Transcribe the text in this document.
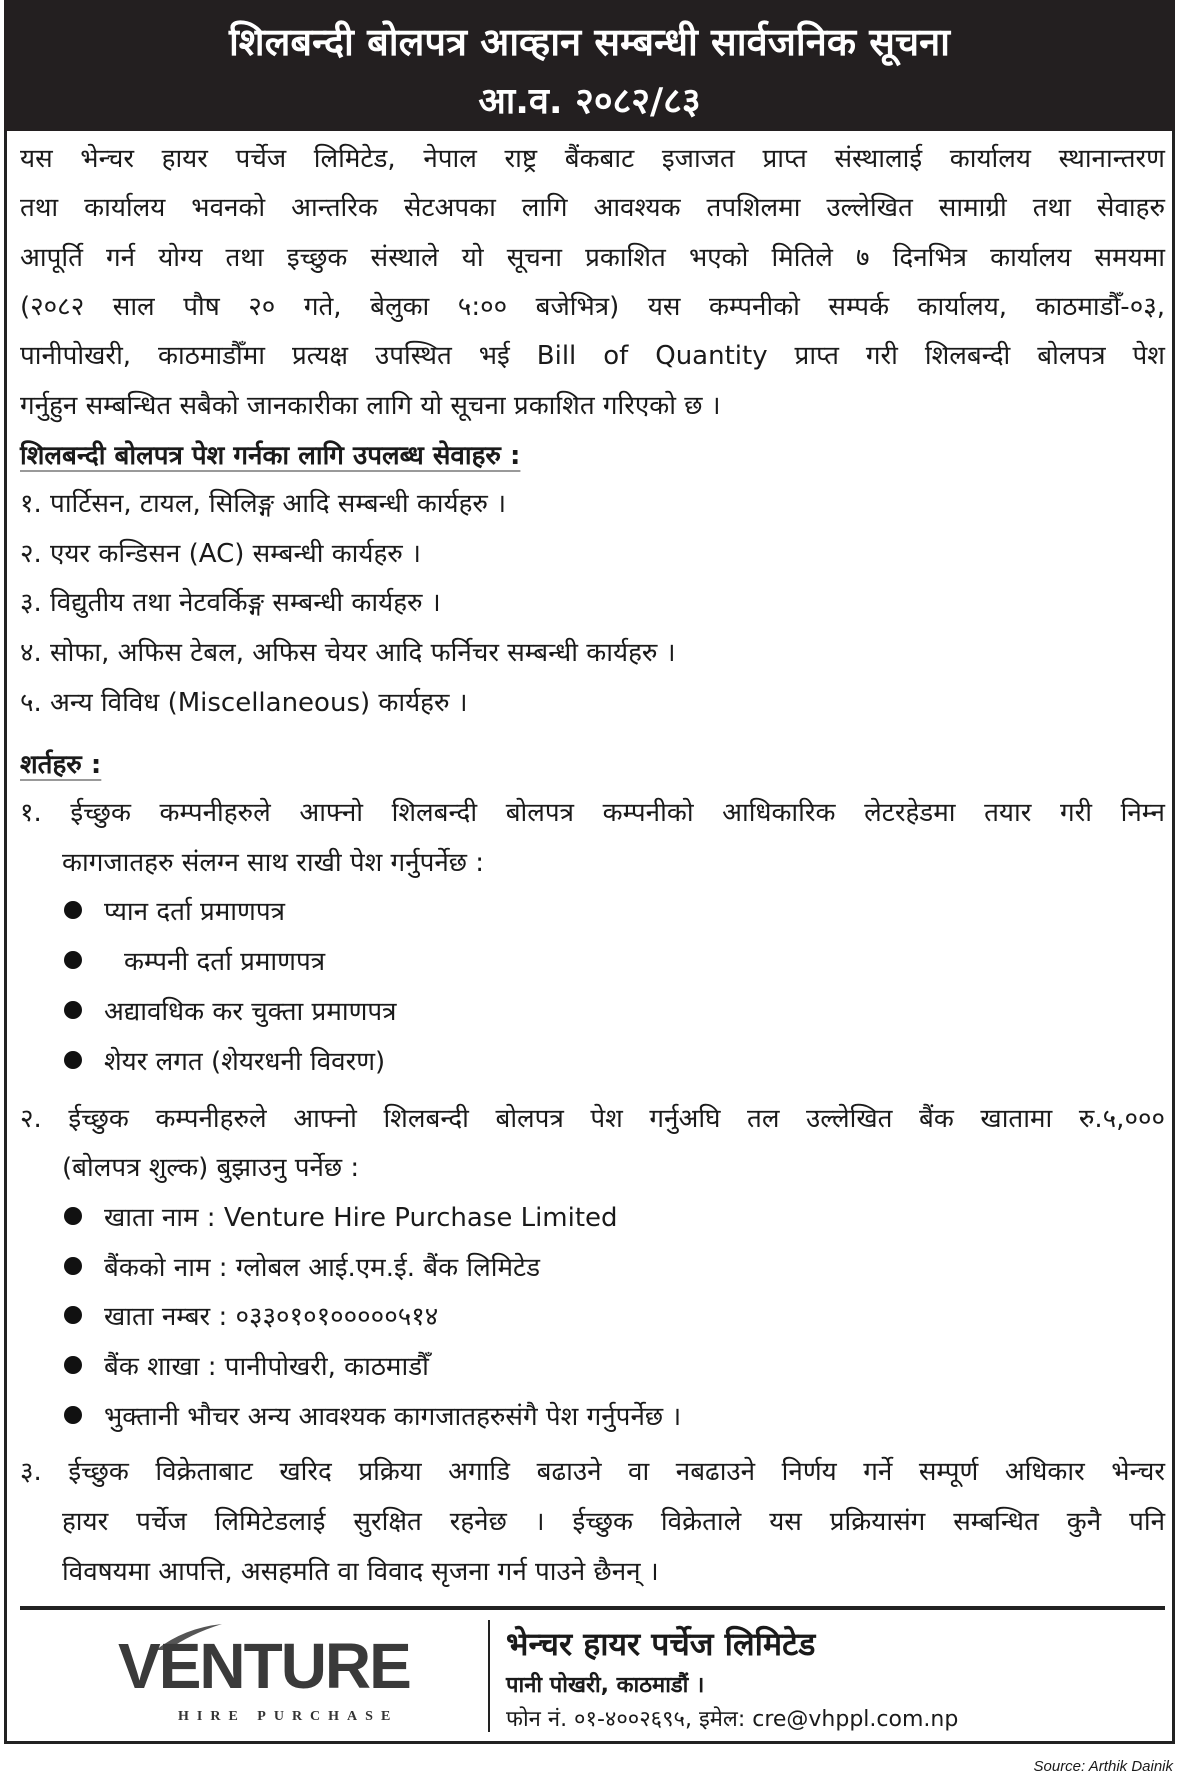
शिलबन्दी बोलपत्र आव्हान सम्बन्धी सार्वजनिक सूचना
आ.व. २०८२/८३
यस भेन्चर हायर पर्चेज लिमिटेड, नेपाल राष्ट्र बैंकबाट इजाजत प्राप्त संस्थालाई कार्यालय स्थानान्तरण
तथा कार्यालय भवनको आन्तरिक सेटअपका लागि आवश्यक तपशिलमा उल्लेखित सामाग्री तथा सेवाहरु
आपूर्ति गर्न योग्य तथा इच्छुक संस्थाले यो सूचना प्रकाशित भएको मितिले ७ दिनभित्र कार्यालय समयमा
(२०८२ साल पौष २० गते, बेलुका ५:०० बजेभित्र) यस कम्पनीको सम्पर्क कार्यालय, काठमाडौँ-०३,
पानीपोखरी, काठमाडौँमा प्रत्यक्ष उपस्थित भई Bill of Quantity प्राप्त गरी शिलबन्दी बोलपत्र पेश
गर्नुहुन सम्बन्धित सबैको जानकारीका लागि यो सूचना प्रकाशित गरिएको छ ।
शिलबन्दी बोलपत्र पेश गर्नका लागि उपलब्ध सेवाहरु :
१. पार्टिसन, टायल, सिलिङ्ग आदि सम्बन्धी कार्यहरु ।
२. एयर कन्डिसन (AC) सम्बन्धी कार्यहरु ।
३. विद्युतीय तथा नेटवर्किङ्ग सम्बन्धी कार्यहरु ।
४. सोफा, अफिस टेबल, अफिस चेयर आदि फर्निचर सम्बन्धी कार्यहरु ।
५. अन्य विविध (Miscellaneous) कार्यहरु ।
शर्तहरु :
१. ईच्छुक कम्पनीहरुले आफ्नो शिलबन्दी बोलपत्र कम्पनीको आधिकारिक लेटरहेडमा तयार गरी निम्न
कागजातहरु संलग्न साथ राखी पेश गर्नुपर्नेछ :
प्यान दर्ता प्रमाणपत्र
कम्पनी दर्ता प्रमाणपत्र
अद्यावधिक कर चुक्ता प्रमाणपत्र
शेयर लगत (शेयरधनी विवरण)
२. ईच्छुक कम्पनीहरुले आफ्नो शिलबन्दी बोलपत्र पेश गर्नुअघि तल उल्लेखित बैंक खातामा रु.५,०००
(बोलपत्र शुल्क) बुझाउनु पर्नेछ :
खाता नाम : Venture Hire Purchase Limited
बैंकको नाम : ग्लोबल आई.एम.ई. बैंक लिमिटेड
खाता नम्बर : ०३३०१०१०००००५१४
बैंक शाखा : पानीपोखरी, काठमाडौँ
भुक्तानी भौचर अन्य आवश्यक कागजातहरुसंगै पेश गर्नुपर्नेछ ।
३. ईच्छुक विक्रेताबाट खरिद प्रक्रिया अगाडि बढाउने वा नबढाउने निर्णय गर्ने सम्पूर्ण अधिकार भेन्चर
हायर पर्चेज लिमिटेडलाई सुरक्षित रहनेछ । ईच्छुक विक्रेताले यस प्रक्रियासंग सम्बन्धित कुनै पनि
विवषयमा आपत्ति, असहमति वा विवाद सृजना गर्न पाउने छैनन् ।
VENTURE
HIRE PURCHASE
भेन्चर हायर पर्चेज लिमिटेड
पानी पोखरी, काठमाडौं ।
फोन नं. ०१-४००२६९५, इमेल: cre@vhppl.com.np
Source: Arthik Dainik
